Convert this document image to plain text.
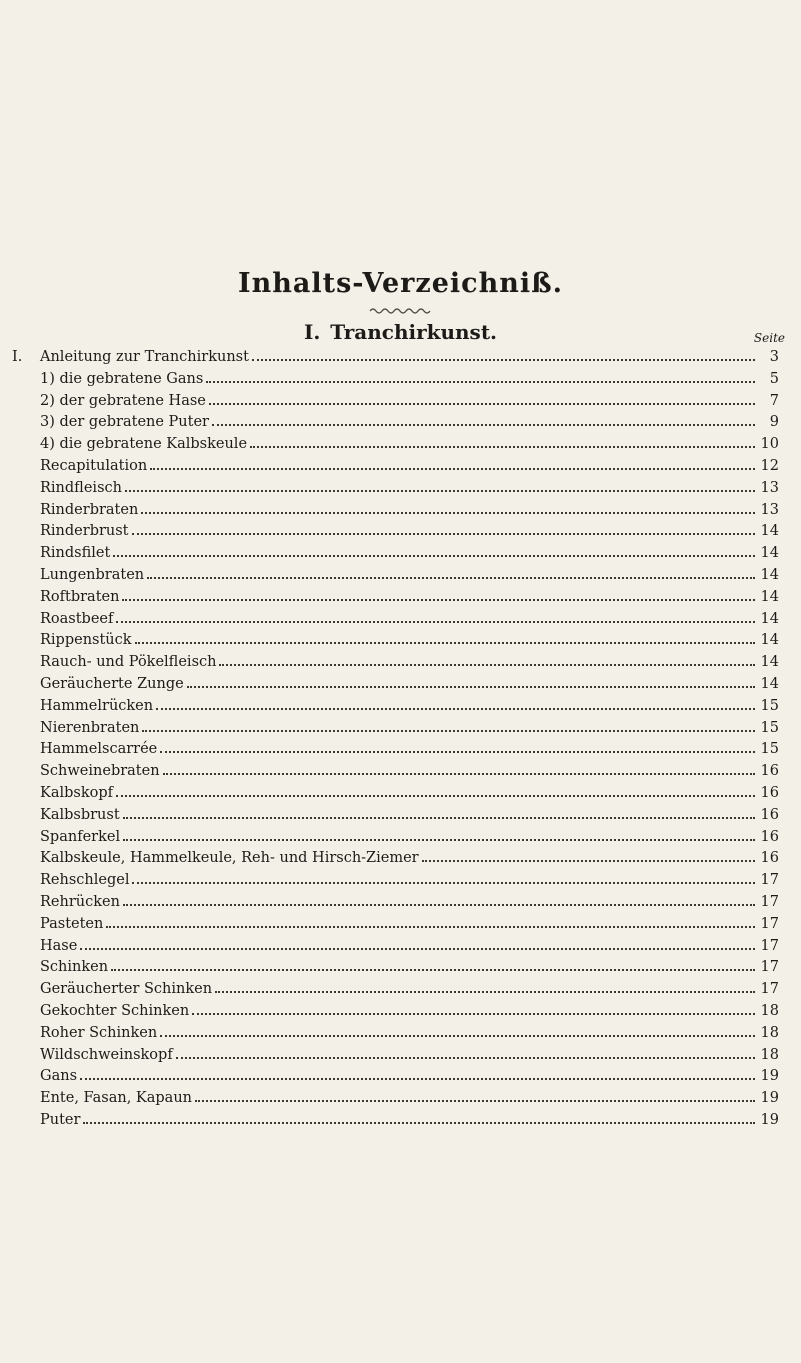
Inhalts-Verzeichniß.
I. Tranchirkunst.	Seite
I. Anleitung zur Tranchirkunst	3
1) die gebratene Gans	5
2) der gebratene Hase	7
3) der gebratene Puter	9
4) die gebratene Kalbskeule	10
Recapitulation	12
Rindfleisch	13
Rinderbraten	13
Rinderbrust	14
Rindsfilet	14
Lungenbraten	14
Roftbraten	14
Roastbeef	14
Rippenstück	14
Rauch- und Pökelfleisch	14
Geräucherte Zunge	14
Hammelrücken	15
Nierenbraten	15
Hammelscarrée	15
Schweinebraten	16
Kalbskopf	16
Kalbsbrust	16
Spanferkel	16
Kalbskeule, Hammelkeule, Reh- und Hirsch-Ziemer	16
Rehschlegel	17
Rehrücken	17
Pasteten	17
Hase	17
Schinken	17
Geräucherter Schinken	17
Gekochter Schinken	18
Roher Schinken	18
Wildschweinskopf	18
Gans	19
Ente, Fasan, Kapaun	19
Puter	19
